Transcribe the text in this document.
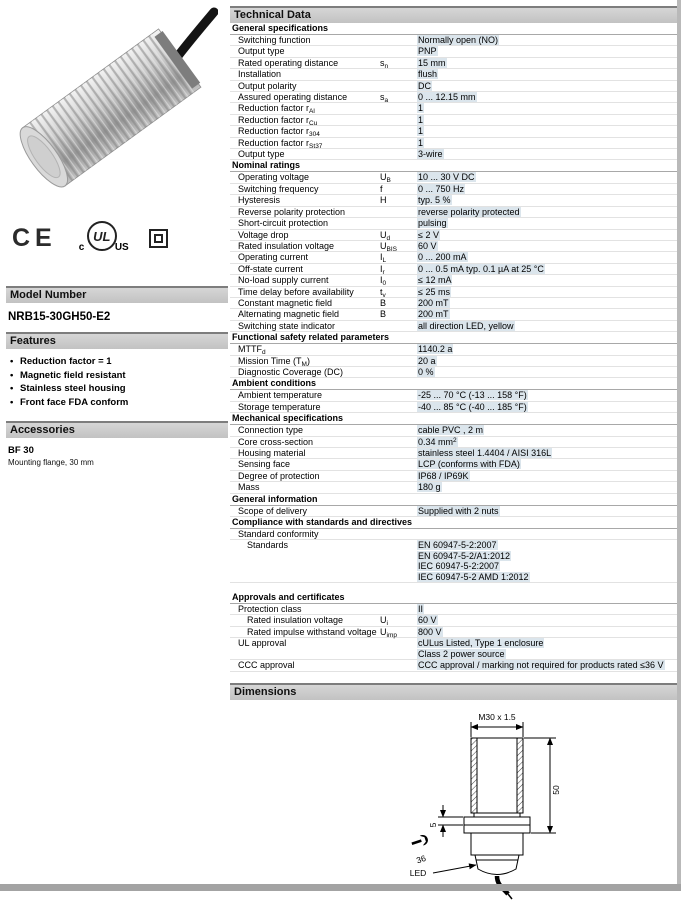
CE c
UL
US
Model Number
NRB15-30GH50-E2
Features
• Reduction factor = 1
• Magnetic field resistant
• Stainless steel housing
• Front face FDA conform
Accessories
BF 30
Mounting flange, 30 mm
Technical Data
General specifications
Switching function	Normally open (NO)
Output type	PNP
Rated operating distance	$s_n$	15 mm
Installation	flush
Output polarity	DC
Assured operating distance	$s_a$	0 ... 12.15 mm
Reduction factor $r_{Al}$	1
Reduction factor $r_{Cu}$	1
Reduction factor $r_{304}$	1
Reduction factor $r_{St37}$	1
Output type	3-wire
Nominal ratings
Operating voltage	$U_B$	10 ... 30 V DC
Switching frequency	f	0 ... 750 Hz
Hysteresis	H	typ. 5 %
Reverse polarity protection	reverse polarity protected
Short-circuit protection	pulsing
Voltage drop	$U_d$	≤ 2 V
Rated insulation voltage	$U_{BIS}$	60 V
Operating current	$I_L$	0 ... 200 mA
Off-state current	$I_r$	0 ... 0.5 mA typ. 0.1 µA at 25 °C
No-load supply current	$I_0$	≤ 12 mA
Time delay before availability	$t_v$	≤ 25 ms
Constant magnetic field	B	200 mT
Alternating magnetic field	B	200 mT
Switching state indicator	all direction LED, yellow
Functional safety related parameters
$MTTF_d$	1140.2 a
Mission Time $(T_M)$	20 a
Diagnostic Coverage (DC)	0 %
Ambient conditions
Ambient temperature	-25 ... 70 °C (-13 ... 158 °F)
Storage temperature	-40 ... 85 °C (-40 ... 185 °F)
Mechanical specifications
Connection type	cable PVC , 2 m
Core cross-section	0.34 $mm^2$
Housing material	stainless steel 1.4404 / AISI 316L
Sensing face	LCP (conforms with FDA)
Degree of protection	IP68 / IP69K
Mass	180 g
General information
Scope of delivery	Supplied with 2 nuts
Compliance with standards and directives
Standard conformity
Standards	EN 60947-5-2:2007
EN 60947-5-2/A1:2012
IEC 60947-5-2:2007
IEC 60947-5-2 AMD 1:2012
Approvals and certificates
Protection class	II
Rated insulation voltage	$U_i$	60 V
Rated impulse withstand voltage $U_{imp}$	800 V
UL approval	cULus Listed, Type 1 enclosure
Class 2 power source
CCC approval	CCC approval / marking not required for products rated ≤36 V
Dimensions
M30 x 1.5
50
5
36
LED
